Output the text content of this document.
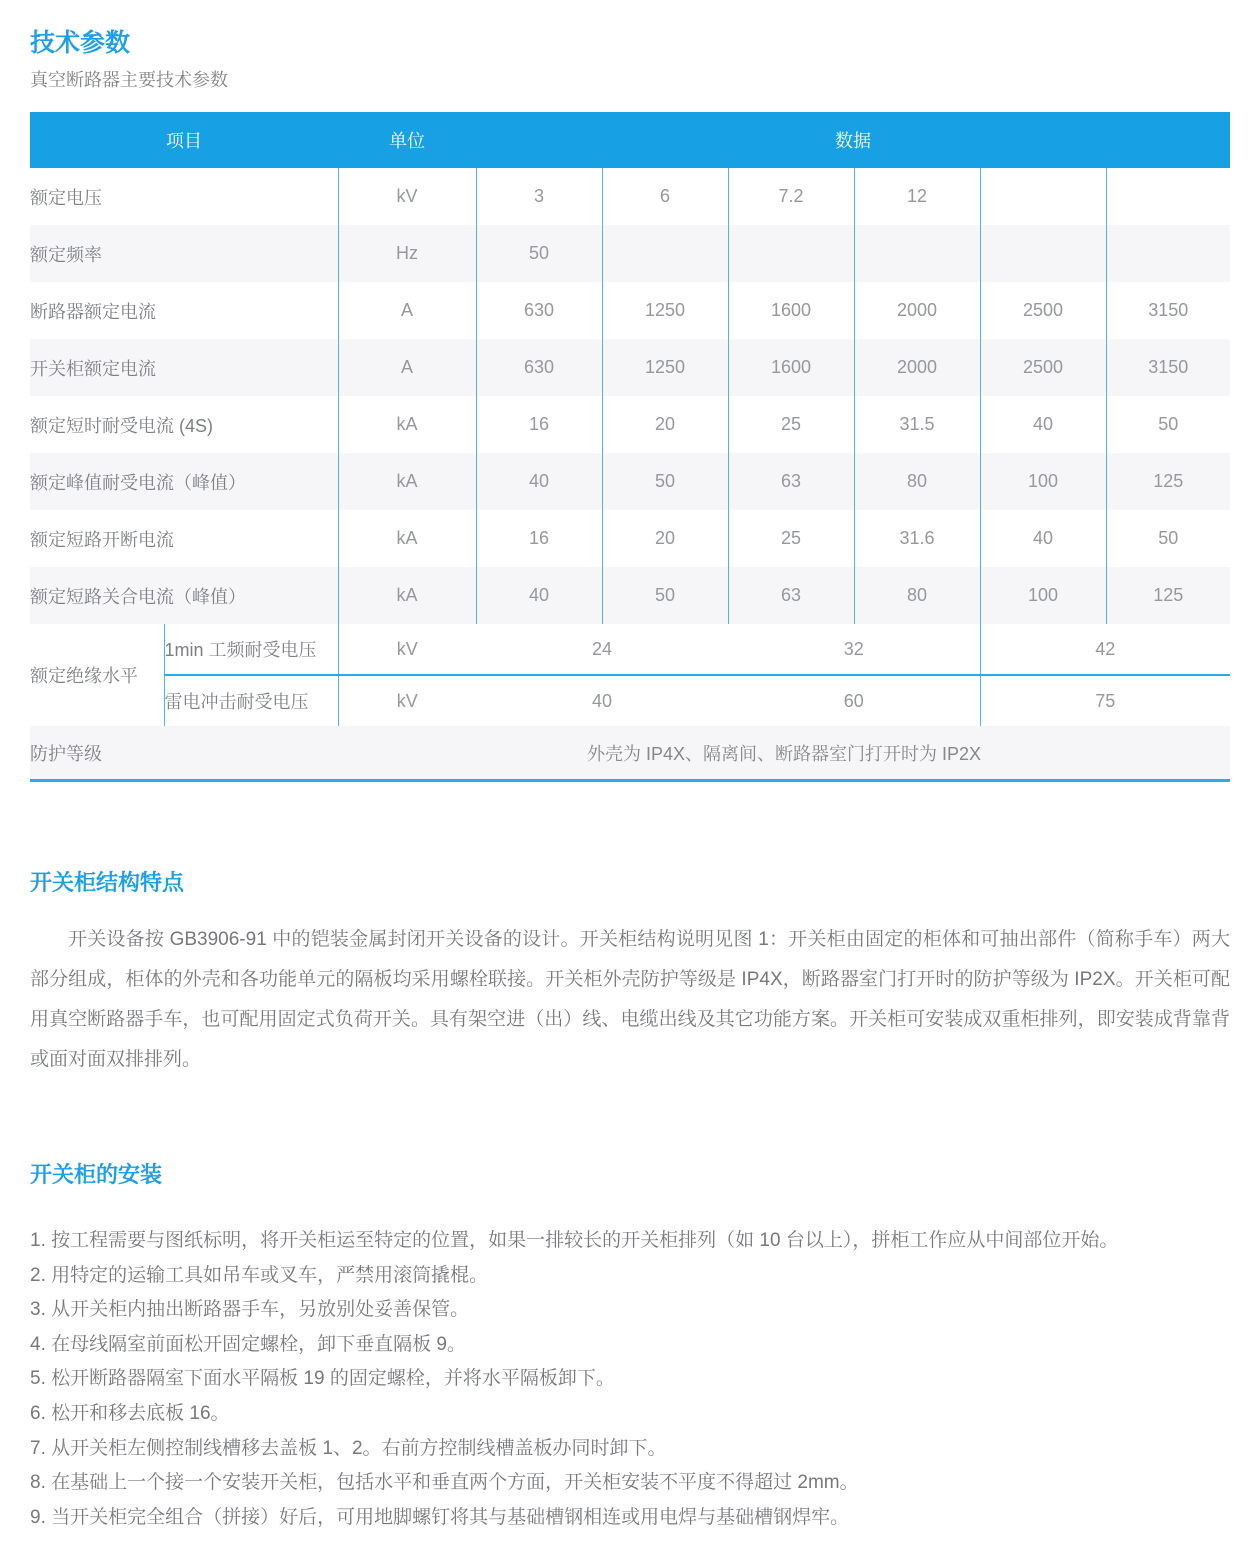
技术参数
真空断路器主要技术参数
项目		单位	数据					
额定电压		kV	3	6	7.2	12		
额定频率		Hz	50					
断路器额定电流		A	630	1250	1600	2000	2500	3150
开关柜额定电流		A	630	1250	1600	2000	2500	3150
额定短时耐受电流 (4S)		kA	16	20	25	31.5	40	50
额定峰值耐受电流（峰值）		kA	40	50	63	80	100	125
额定短路开断电流		kA	16	20	25	31.6	40	50
额定短路关合电流（峰值）		kA	40	50	63	80	100	125
额定绝缘水平	1min 工频耐受电压	kV	24		32		42	
	雷电冲击耐受电压	kV	40		60		75	
防护等级		外壳为 IP4X、隔离间、断路器室门打开时为 IP2X						
开关柜结构特点

开关设备按 GB3906-91 中的铠装金属封闭开关设备的设计。开关柜结构说明见图 1：开关柜由固定的柜体和可抽出部件（简称手车）两大部分组成，柜体的外壳和各功能单元的隔板均采用螺栓联接。开关柜外壳防护等级是 IP4X，断路器室门打开时的防护等级为 IP2X。开关柜可配用真空断路器手车，也可配用固定式负荷开关。具有架空进（出）线、电缆出线及其它功能方案。开关柜可安装成双重柜排列，即安装成背靠背或面对面双排排列。

开关柜的安装
1. 按工程需要与图纸标明，将开关柜运至特定的位置，如果一排较长的开关柜排列（如 10 台以上），拼柜工作应从中间部位开始。
2. 用特定的运输工具如吊车或叉车，严禁用滚筒撬棍。
3. 从开关柜内抽出断路器手车，另放别处妥善保管。
4. 在母线隔室前面松开固定螺栓，卸下垂直隔板 9。
5. 松开断路器隔室下面水平隔板 19 的固定螺栓，并将水平隔板卸下。
6. 松开和移去底板 16。
7. 从开关柜左侧控制线槽移去盖板 1、2。右前方控制线槽盖板办同时卸下。
8. 在基础上一个接一个安装开关柜，包括水平和垂直两个方面，开关柜安装不平度不得超过 2mm。
9. 当开关柜完全组合（拼接）好后，可用地脚螺钉将其与基础槽钢相连或用电焊与基础槽钢焊牢。
